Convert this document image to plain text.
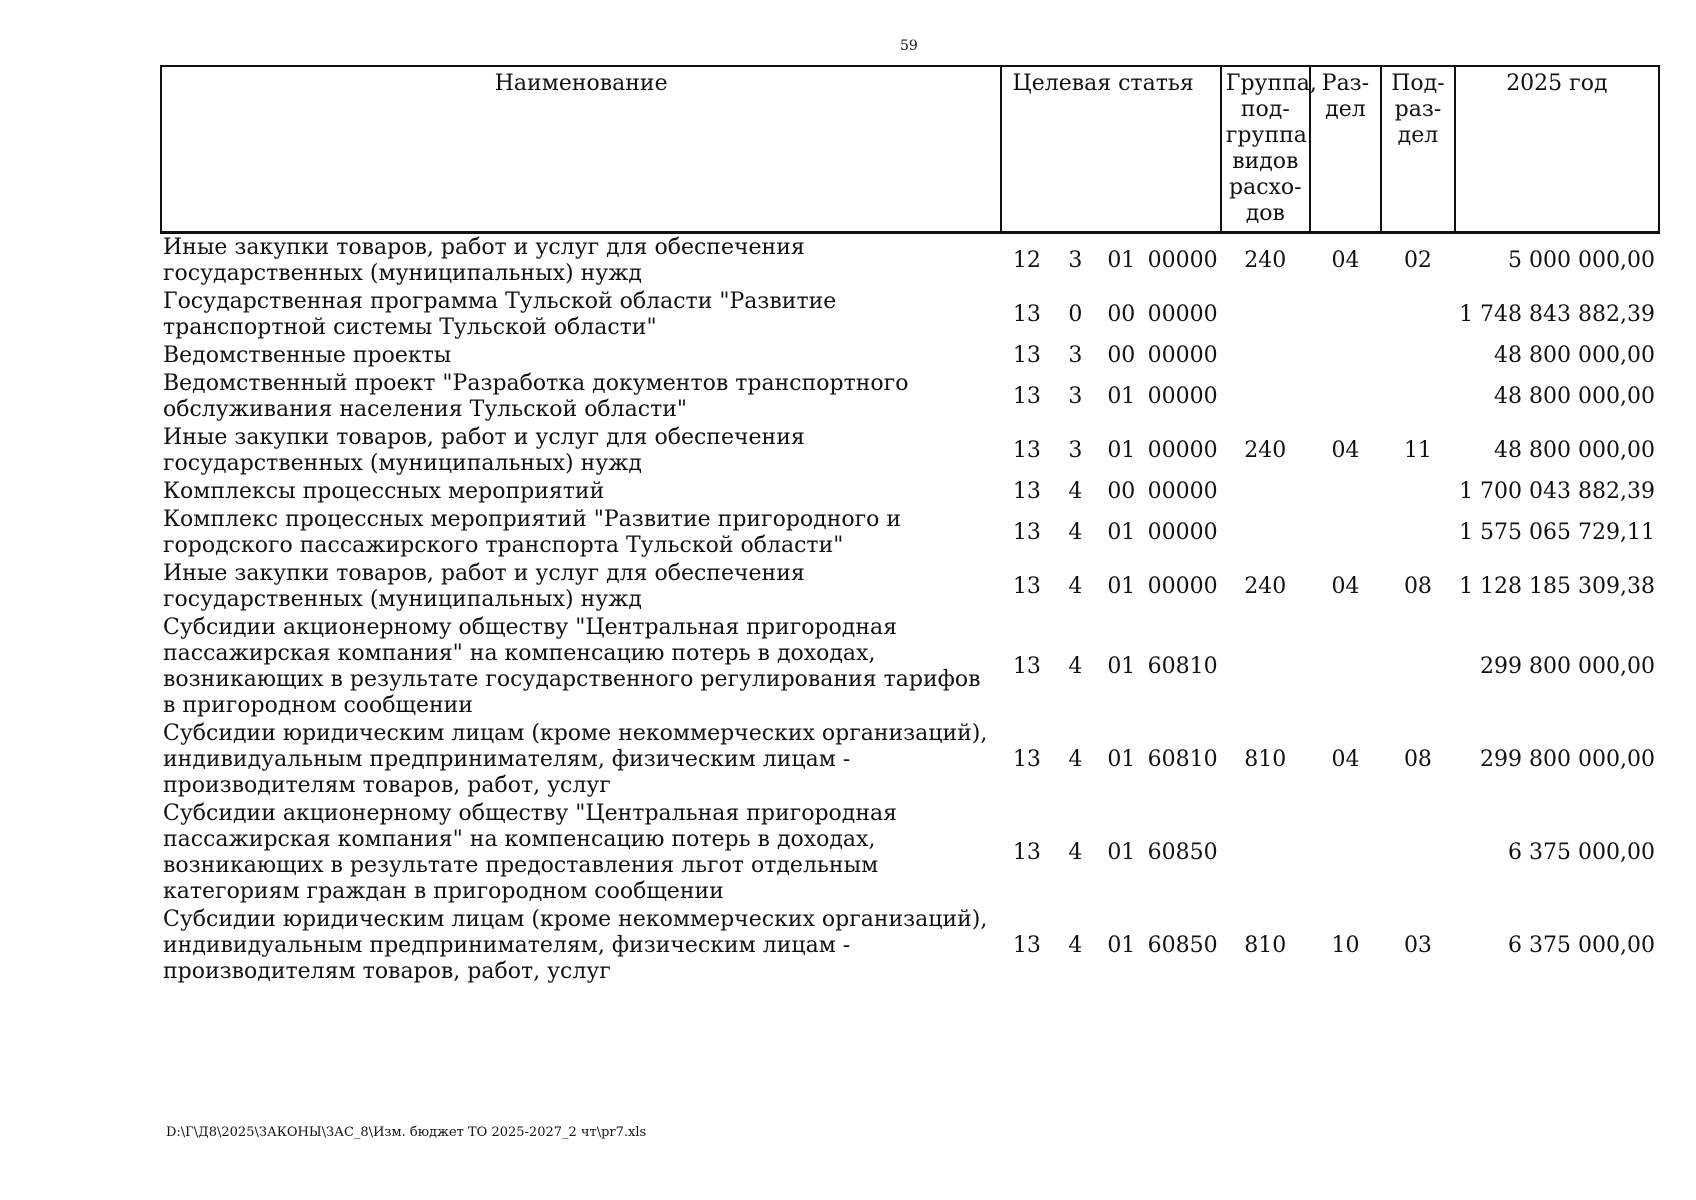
59
Наименование	Целевая статья				Группа, под-группа видов расхо-дов	Раз-дел	Под-раз-дел	2025 год
Иные закупки товаров, работ и услуг для обеспечения государственных (муниципальных) нужд	12	3	01	00000	240	04	02	5 000 000,00
Государственная программа Тульской области "Развитие транспортной системы Тульской области"	13	0	00	00000				1 748 843 882,39
Ведомственные проекты	13	3	00	00000				48 800 000,00
Ведомственный проект "Разработка документов транспортного обслуживания населения Тульской области"	13	3	01	00000				48 800 000,00
Иные закупки товаров, работ и услуг для обеспечения государственных (муниципальных) нужд	13	3	01	00000	240	04	11	48 800 000,00
Комплексы процессных мероприятий	13	4	00	00000				1 700 043 882,39
Комплекс процессных мероприятий "Развитие пригородного и городского пассажирского транспорта Тульской области"	13	4	01	00000				1 575 065 729,11
Иные закупки товаров, работ и услуг для обеспечения государственных (муниципальных) нужд	13	4	01	00000	240	04	08	1 128 185 309,38
Субсидии акционерному обществу "Центральная пригородная пассажирская компания" на компенсацию потерь в доходах, возникающих в результате государственного регулирования тарифов в пригородном сообщении	13	4	01	60810				299 800 000,00
Субсидии юридическим лицам (кроме некоммерческих организаций), индивидуальным предпринимателям, физическим лицам - производителям товаров, работ, услуг	13	4	01	60810	810	04	08	299 800 000,00
Субсидии акционерному обществу "Центральная пригородная пассажирская компания" на компенсацию потерь в доходах, возникающих в результате предоставления льгот отдельным категориям граждан в пригородном сообщении	13	4	01	60850				6 375 000,00
Субсидии юридическим лицам (кроме некоммерческих организаций), индивидуальным предпринимателям, физическим лицам - производителям товаров, работ, услуг	13	4	01	60850	810	10	03	6 375 000,00
D:\Г\Д8\2025\ЗАКОНЫ\ЗАС_8\Изм. бюджет ТО 2025-2027_2 чт\pr7.xls
